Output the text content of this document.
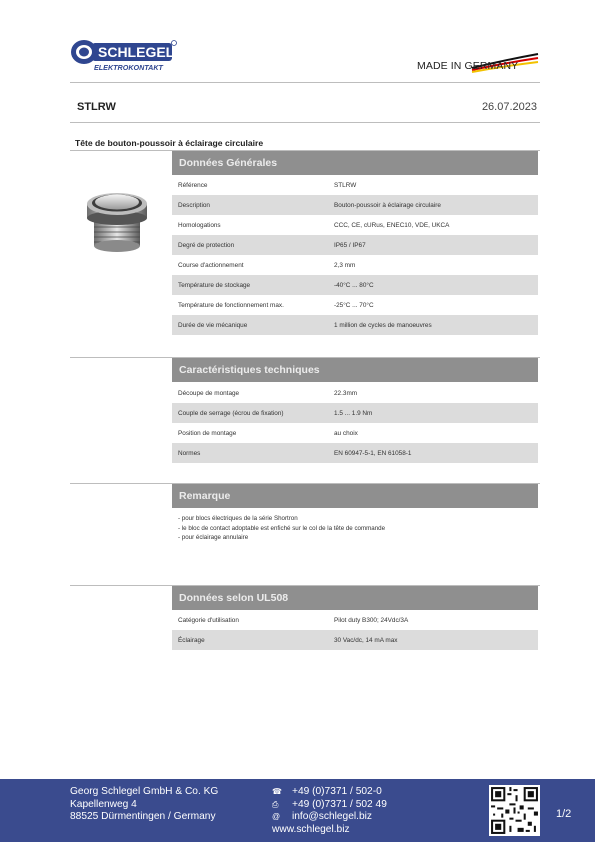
SCHLEGEL
ELEKTROKONTAKT	MADE IN GERMANY
STLRW	26.07.2023
Tête de bouton-poussoir à éclairage circulaire
Données Générales
Référence	STLRW
Description	Bouton-poussoir à éclairage circulaire
Homologations	CCC, CE, cURus, ENEC10, VDE, UKCA
Degré de protection	IP65 / IP67
Course d'actionnement	2,3 mm
Température de stockage	-40°C ... 80°C
Température de fonctionnement max.	-25°C ... 70°C
Durée de vie mécanique	1 million de cycles de manoeuvres
Caractéristiques techniques
Découpe de montage	22.3mm
Couple de serrage (écrou de fixation)	1.5 ... 1.9 Nm
Position de montage	au choix
Normes	EN 60947-5-1, EN 61058-1
Remarque
- pour blocs électriques de la série Shortron
- le bloc de contact adoptable est enfiché sur le col de la tête de commande
- pour éclairage annulaire
Données selon UL508
Catégorie d'utilisation	Pilot duty B300; 24Vdc/3A
Éclairage	30 Vac/dc, 14 mA max
Georg Schlegel GmbH & Co. KG
Kapellenweg 4
88525 Dürmentingen / Germany
☎ +49 (0)7371 / 502-0
⎙	+49 (0)7371 / 502 49
@	info@schlegel.biz
www.schlegel.biz
1/2
